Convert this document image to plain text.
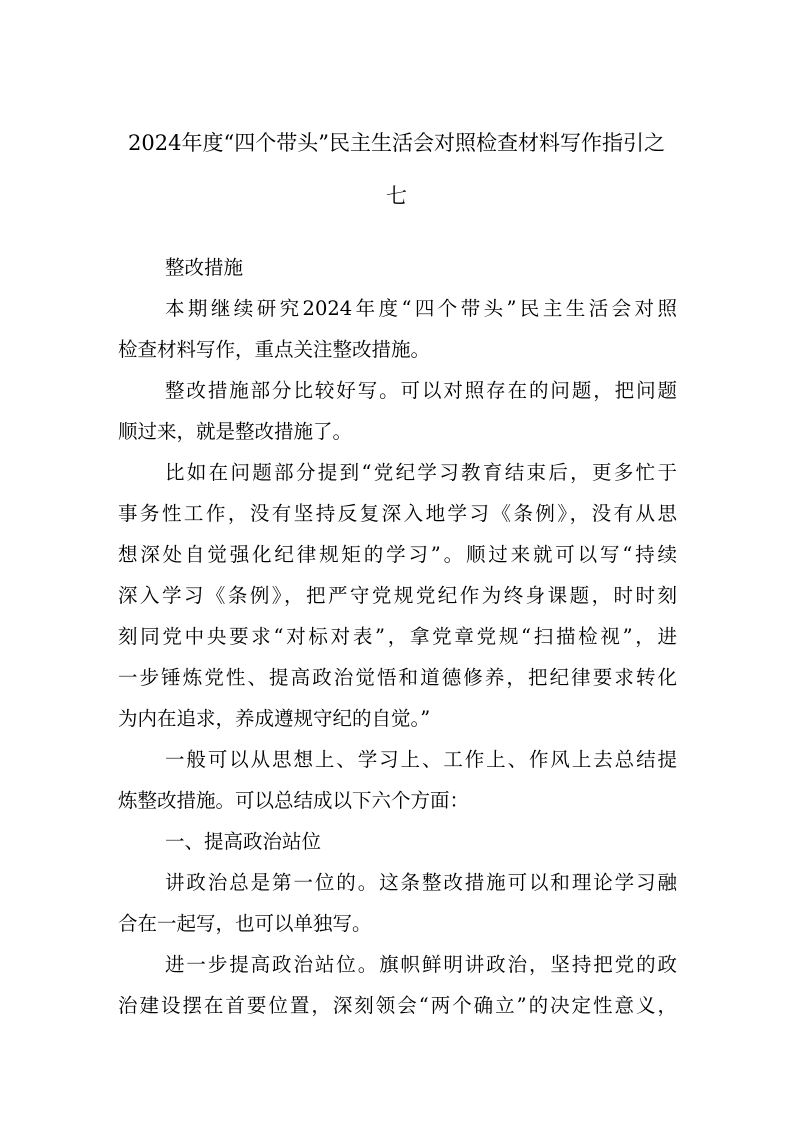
2024年度“四个带头”民主生活会对照检查材料写作指引之
七
整改措施
本期继续研究2024年度“四个带头”民主生活会对照
检查材料写作，重点关注整改措施。
整改措施部分比较好写。可以对照存在的问题，把问题
顺过来，就是整改措施了。
比如在问题部分提到“党纪学习教育结束后，更多忙于
事务性工作，没有坚持反复深入地学习《条例》，没有从思
想深处自觉强化纪律规矩的学习”。顺过来就可以写“持续
深入学习《条例》，把严守党规党纪作为终身课题，时时刻
刻同党中央要求“对标对表”，拿党章党规“扫描检视”，进
一步锤炼党性、提高政治觉悟和道德修养，把纪律要求转化
为内在追求，养成遵规守纪的自觉。”
一般可以从思想上、学习上、工作上、作风上去总结提
炼整改措施。可以总结成以下六个方面：
一、提高政治站位
讲政治总是第一位的。这条整改措施可以和理论学习融
合在一起写，也可以单独写。
进一步提高政治站位。旗帜鲜明讲政治，坚持把党的政
治建设摆在首要位置，深刻领会“两个确立”的决定性意义，
